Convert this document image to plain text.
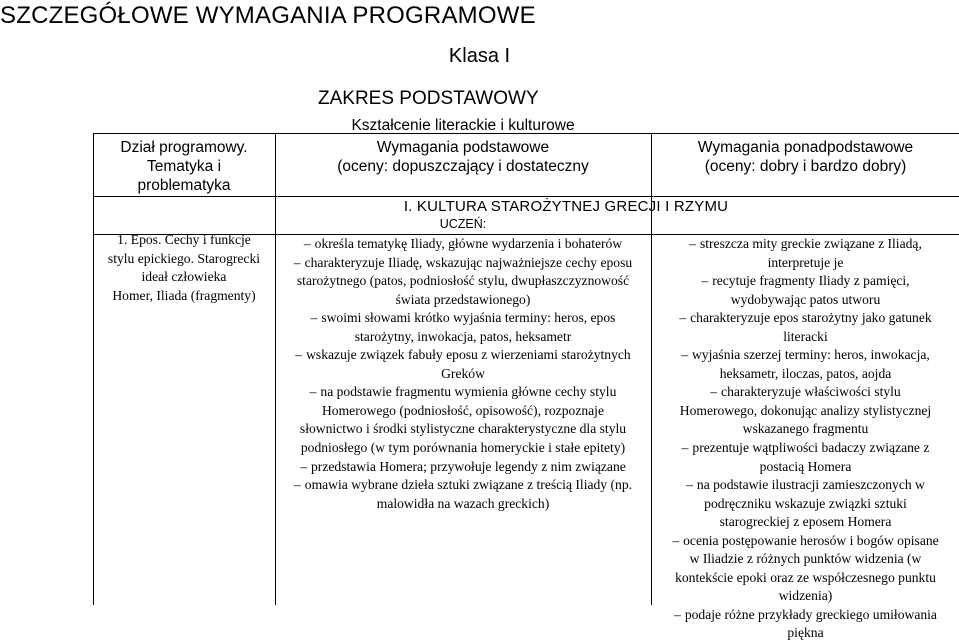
SZCZEGÓŁOWE WYMAGANIA PROGRAMOWE
Klasa I
ZAKRES PODSTAWOWY
Dział programowy.
Tematyka i
problematyka
Kształcenie literackie i kulturowe
Wymagania podstawowe
(oceny: dopuszczający i dostateczny
Wymagania ponadpodstawowe
(oceny: dobry i bardzo dobry)
I. KULTURA STAROŻYTNEJ GRECJI I RZYMU
UCZEŃ:
1. Epos. Cechy i funkcje
stylu epickiego. Starogrecki
ideał człowieka
Homer, Iliada (fragmenty)
– określa tematykę Iliady, główne wydarzenia i bohaterów
– charakteryzuje Iliadę, wskazując najważniejsze cechy eposu
starożytnego (patos, podniosłość stylu, dwupłaszczyznowość
świata przedstawionego)
– swoimi słowami krótko wyjaśnia terminy: heros, epos
starożytny, inwokacja, patos, heksametr
– wskazuje związek fabuły eposu z wierzeniami starożytnych
Greków
– na podstawie fragmentu wymienia główne cechy stylu
Homerowego (podniosłość, opisowość), rozpoznaje
słownictwo i środki stylistyczne charakterystyczne dla stylu
podniosłego (w tym porównania homeryckie i stałe epitety)
– przedstawia Homera; przywołuje legendy z nim związane
– omawia wybrane dzieła sztuki związane z treścią Iliady (np.
malowidła na wazach greckich)
– streszcza mity greckie związane z Iliadą,
interpretuje je
– recytuje fragmenty Iliady z pamięci,
wydobywając patos utworu
– charakteryzuje epos starożytny jako gatunek
literacki
– wyjaśnia szerzej terminy: heros, inwokacja,
heksametr, iloczas, patos, aojda
– charakteryzuje właściwości stylu
Homerowego, dokonując analizy stylistycznej
wskazanego fragmentu
– prezentuje wątpliwości badaczy związane z
postacią Homera
– na podstawie ilustracji zamieszczonych w
podręczniku wskazuje związki sztuki
starogreckiej z eposem Homera
– ocenia postępowanie herosów i bogów opisane
w Iliadzie z różnych punktów widzenia (w
kontekście epoki oraz ze współczesnego punktu
widzenia)
– podaje różne przykłady greckiego umiłowania
piękna
